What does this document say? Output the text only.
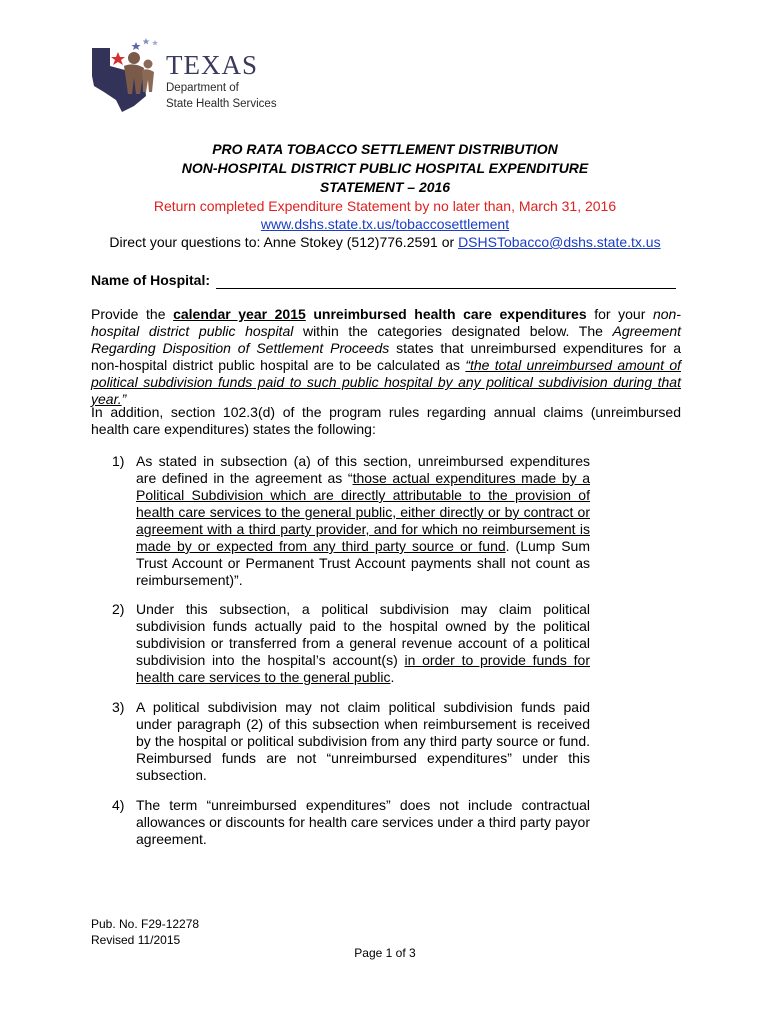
TEXAS
Department of
State Health Services
PRO RATA TOBACCO SETTLEMENT DISTRIBUTION
NON-HOSPITAL DISTRICT PUBLIC HOSPITAL EXPENDITURE
STATEMENT – 2016
Return completed Expenditure Statement by no later than, March 31, 2016
www.dshs.state.tx.us/tobaccosettlement
Direct your questions to: Anne Stokey (512)776.2591 or DSHSTobacco@dshs.state.tx.us
Name of Hospital:
Provide the calendar year 2015 unreimbursed health care expenditures for your non-hospital district public hospital within the categories designated below. The Agreement Regarding Disposition of Settlement Proceeds states that unreimbursed expenditures for a non-hospital district public hospital are to be calculated as “the total unreimbursed amount of political subdivision funds paid to such public hospital by any political subdivision during that year.”
In addition, section 102.3(d) of the program rules regarding annual claims (unreimbursed health care expenditures) states the following:
1) As stated in subsection (a) of this section, unreimbursed expenditures are defined in the agreement as “those actual expenditures made by a Political Subdivision which are directly attributable to the provision of health care services to the general public, either directly or by contract or agreement with a third party provider, and for which no reimbursement is made by or expected from any third party source or fund. (Lump Sum Trust Account or Permanent Trust Account payments shall not count as reimbursement)”.
2) Under this subsection, a political subdivision may claim political subdivision funds actually paid to the hospital owned by the political subdivision or transferred from a general revenue account of a political subdivision into the hospital’s account(s) in order to provide funds for health care services to the general public.
3) A political subdivision may not claim political subdivision funds paid under paragraph (2) of this subsection when reimbursement is received by the hospital or political subdivision from any third party source or fund. Reimbursed funds are not “unreimbursed expenditures” under this subsection.
4) The term “unreimbursed expenditures” does not include contractual allowances or discounts for health care services under a third party payor agreement.
Pub. No. F29-12278
Revised 11/2015
Page 1 of 3
